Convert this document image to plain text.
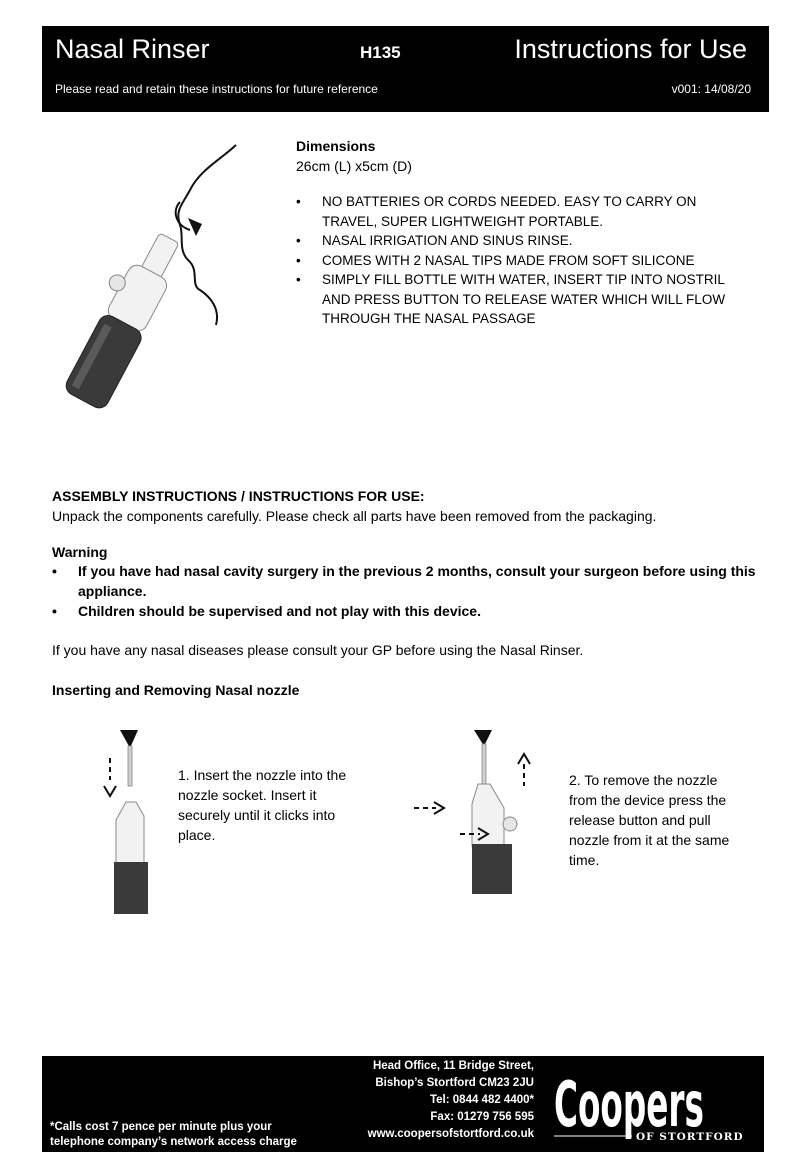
Nasal Rinser	H135	Instructions for Use
Please read and retain these instructions for future reference	v001: 14/08/20
Dimensions
26cm (L) x5cm (D)
• NO BATTERIES OR CORDS NEEDED. EASY TO CARRY ON TRAVEL, SUPER LIGHTWEIGHT PORTABLE.
• NASAL IRRIGATION AND SINUS RINSE.
• COMES WITH 2 NASAL TIPS MADE FROM SOFT SILICONE
• SIMPLY FILL BOTTLE WITH WATER, INSERT TIP INTO NOSTRIL AND PRESS BUTTON TO RELEASE WATER WHICH WILL FLOW THROUGH THE NASAL PASSAGE
ASSEMBLY INSTRUCTIONS / INSTRUCTIONS FOR USE:
Unpack the components carefully. Please check all parts have been removed from the packaging.
Warning
• If you have had nasal cavity surgery in the previous 2 months, consult your surgeon before using this appliance.
• Children should be supervised and not play with this device.
If you have any nasal diseases please consult your GP before using the Nasal Rinser.
Inserting and Removing Nasal nozzle
1. Insert the nozzle into the nozzle socket. Insert it securely until it clicks into place.
2. To remove the nozzle from the device press the release button and pull nozzle from it at the same time.
Head Office, 11 Bridge Street,
Bishop’s Stortford CM23 2JU
Tel: 0844 482 4400*
Fax: 01279 756 595
www.coopersofstortford.co.uk
*Calls cost 7 pence per minute plus your
telephone company’s network access charge
Coopers
OF STORTFORD
